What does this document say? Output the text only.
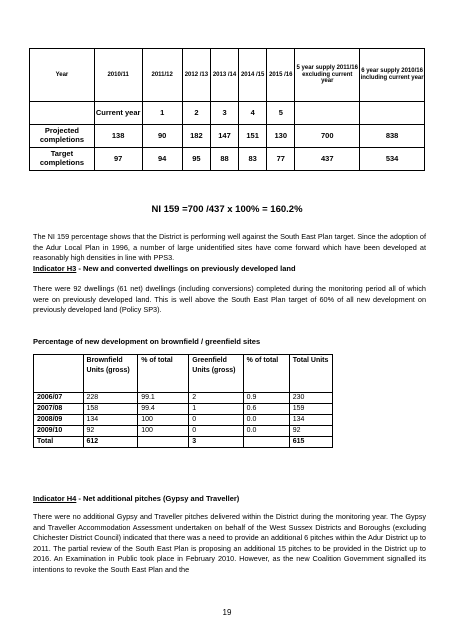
Year	2010/11	2011/12	2012 /13	2013 /14	2014 /15	2015 /16	5 year supply 2011/16 excluding current year	6 year supply 2010/16 including current year
	Current year	1	2	3	4	5		
Projected completions	138	90	182	147	151	130	700	838
Target completions	97	94	95	88	83	77	437	534
NI 159 =700 /437 x 100% = 160.2%

The NI 159 percentage shows that the District is performing well against the South East Plan target. Since the adoption of the Adur Local Plan in 1996, a number of large unidentified sites have come forward which have been developed at reasonably high densities in line with PPS3.

Indicator H3 - New and converted dwellings on previously developed land

There were 92 dwellings (61 net) dwellings (including conversions) completed during the monitoring period all of which were on previously developed land. This is well above the South East Plan target of 60% of all new development on previously developed land (Policy SP3).

Percentage of new development on brownfield / greenfield sites
	Brownfield Units (gross)	% of total	Greenfield Units (gross)	% of total	Total Units
2006/07	228	99.1	2	0.9	230
2007/08	158	99.4	1	0.6	159
2008/09	134	100	0	0.0	134
2009/10	92	100	0	0.0	92
Total	612		3		615
Indicator H4 - Net additional pitches (Gypsy and Traveller)

There were no additional Gypsy and Traveller pitches delivered within the District during the monitoring year. The Gypsy and Traveller Accommodation Assessment undertaken on behalf of the West Sussex Districts and Boroughs (excluding Chichester District Council) indicated that there was a need to provide an additional 6 pitches within the Adur District up to 2011. The partial review of the South East Plan is proposing an additional 15 pitches to be provided in the District up to 2016. An Examination in Public took place in February 2010. However, as the new Coalition Government signalled its intentions to revoke the South East Plan and the

19
